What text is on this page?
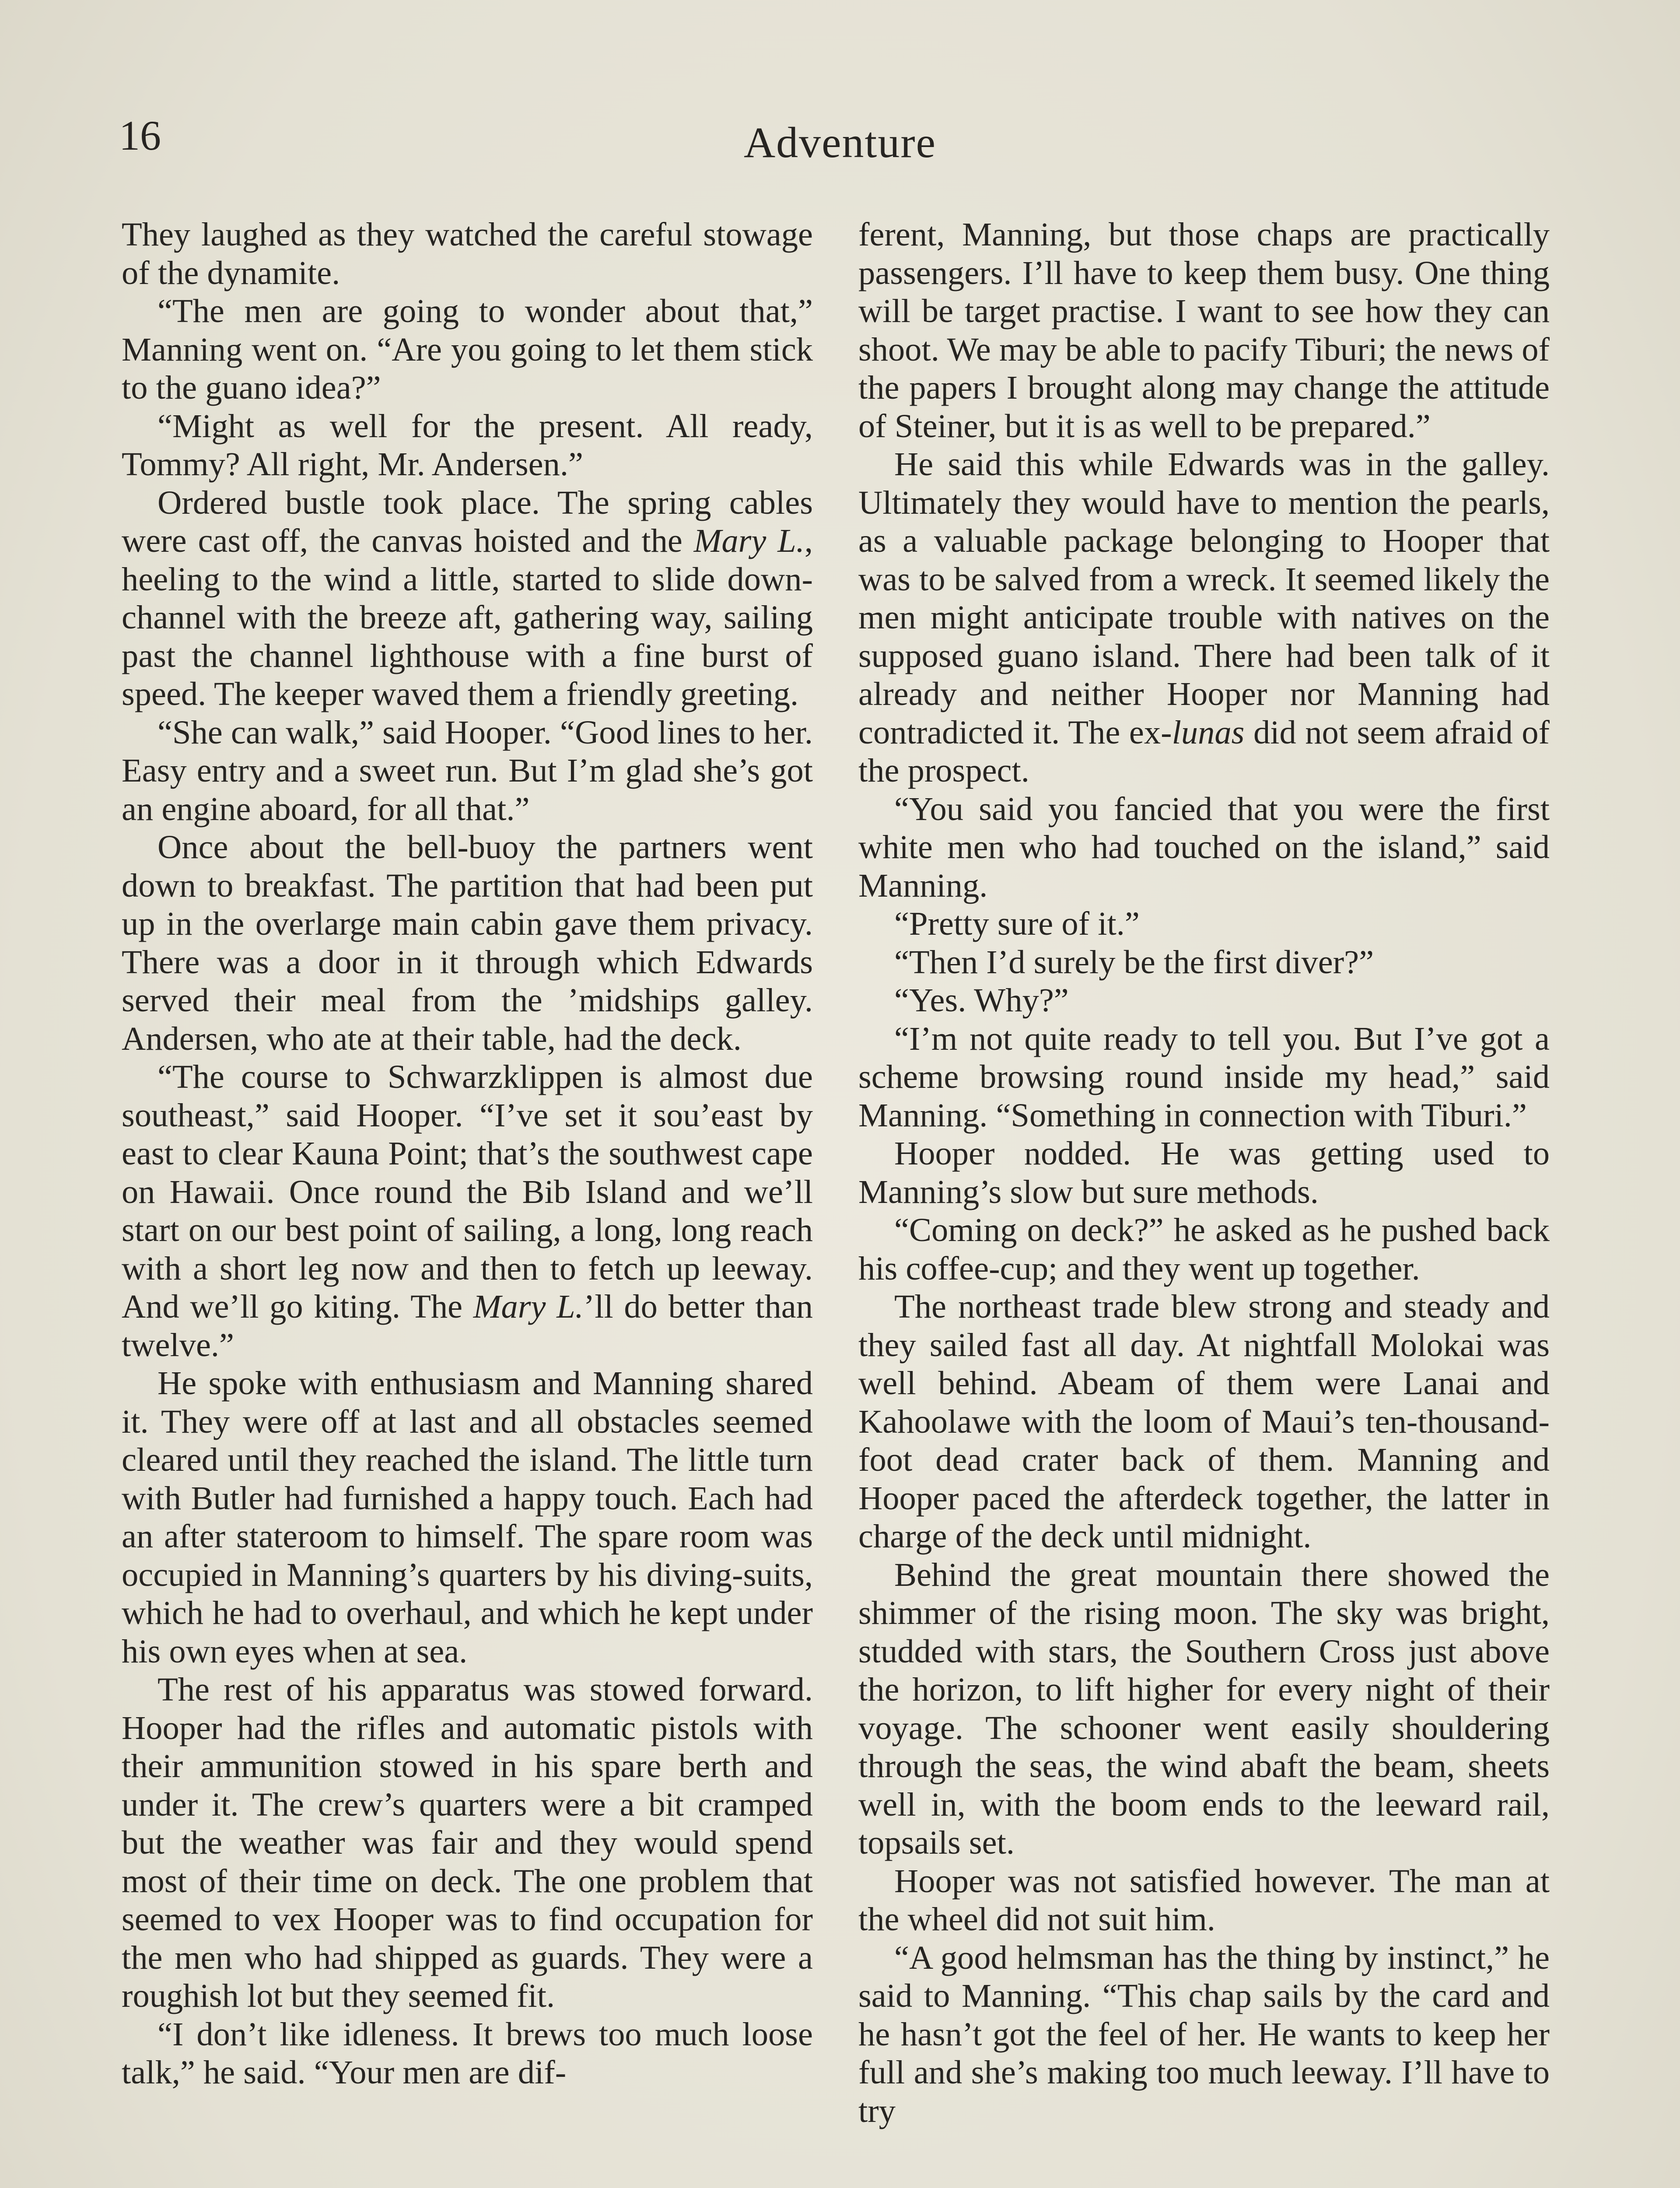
16	Adventure

They laughed as they watched the careful stowage of the dynamite.

“The men are going to wonder about that,” Manning went on. “Are you going to let them stick to the guano idea?”

“Might as well for the present. All ready, Tommy? All right, Mr. Andersen.”

Ordered bustle took place. The spring cables were cast off, the canvas hoisted and the Mary L., heeling to the wind a little, started to slide down-channel with the breeze aft, gathering way, sailing past the channel lighthouse with a fine burst of speed. The keeper waved them a friendly greeting.

“She can walk,” said Hooper. “Good lines to her. Easy entry and a sweet run. But I’m glad she’s got an engine aboard, for all that.”

Once about the bell-buoy the partners went down to breakfast. The partition that had been put up in the overlarge main cabin gave them privacy. There was a door in it through which Edwards served their meal from the ’midships galley. Andersen, who ate at their table, had the deck.

“The course to Schwarzklippen is almost due southeast,” said Hooper. “I’ve set it sou’east by east to clear Kauna Point; that’s the southwest cape on Hawaii. Once round the Bib Island and we’ll start on our best point of sailing, a long, long reach with a short leg now and then to fetch up leeway. And we’ll go kiting. The Mary L.’ll do better than twelve.”

He spoke with enthusiasm and Manning shared it. They were off at last and all obstacles seemed cleared until they reached the island. The little turn with Butler had furnished a happy touch. Each had an after stateroom to himself. The spare room was occupied in Manning’s quarters by his diving-suits, which he had to overhaul, and which he kept under his own eyes when at sea.

The rest of his apparatus was stowed forward. Hooper had the rifles and automatic pistols with their ammunition stowed in his spare berth and under it. The crew’s quarters were a bit cramped but the weather was fair and they would spend most of their time on deck. The one problem that seemed to vex Hooper was to find occupation for the men who had shipped as guards. They were a roughish lot but they seemed fit.

“I don’t like idleness. It brews too much loose talk,” he said. “Your men are dif-

ferent, Manning, but those chaps are practically passengers. I’ll have to keep them busy. One thing will be target practise. I want to see how they can shoot. We may be able to pacify Tiburi; the news of the papers I brought along may change the attitude of Steiner, but it is as well to be prepared.”

He said this while Edwards was in the galley. Ultimately they would have to mention the pearls, as a valuable package belonging to Hooper that was to be salved from a wreck. It seemed likely the men might anticipate trouble with natives on the supposed guano island. There had been talk of it already and neither Hooper nor Manning had contradicted it. The ex-lunas did not seem afraid of the prospect.

“You said you fancied that you were the first white men who had touched on the island,” said Manning.

“Pretty sure of it.”

“Then I’d surely be the first diver?”

“Yes. Why?”

“I’m not quite ready to tell you. But I’ve got a scheme browsing round inside my head,” said Manning. “Something in connection with Tiburi.”

Hooper nodded. He was getting used to Manning’s slow but sure methods.

“Coming on deck?” he asked as he pushed back his coffee-cup; and they went up together.

The northeast trade blew strong and steady and they sailed fast all day. At nightfall Molokai was well behind. Abeam of them were Lanai and Kahoolawe with the loom of Maui’s ten-thousand-foot dead crater back of them. Manning and Hooper paced the afterdeck together, the latter in charge of the deck until midnight.

Behind the great mountain there showed the shimmer of the rising moon. The sky was bright, studded with stars, the Southern Cross just above the horizon, to lift higher for every night of their voyage. The schooner went easily shouldering through the seas, the wind abaft the beam, sheets well in, with the boom ends to the leeward rail, topsails set.

Hooper was not satisfied however. The man at the wheel did not suit him.

“A good helmsman has the thing by instinct,” he said to Manning. “This chap sails by the card and he hasn’t got the feel of her. He wants to keep her full and she’s making too much leeway. I’ll have to try
